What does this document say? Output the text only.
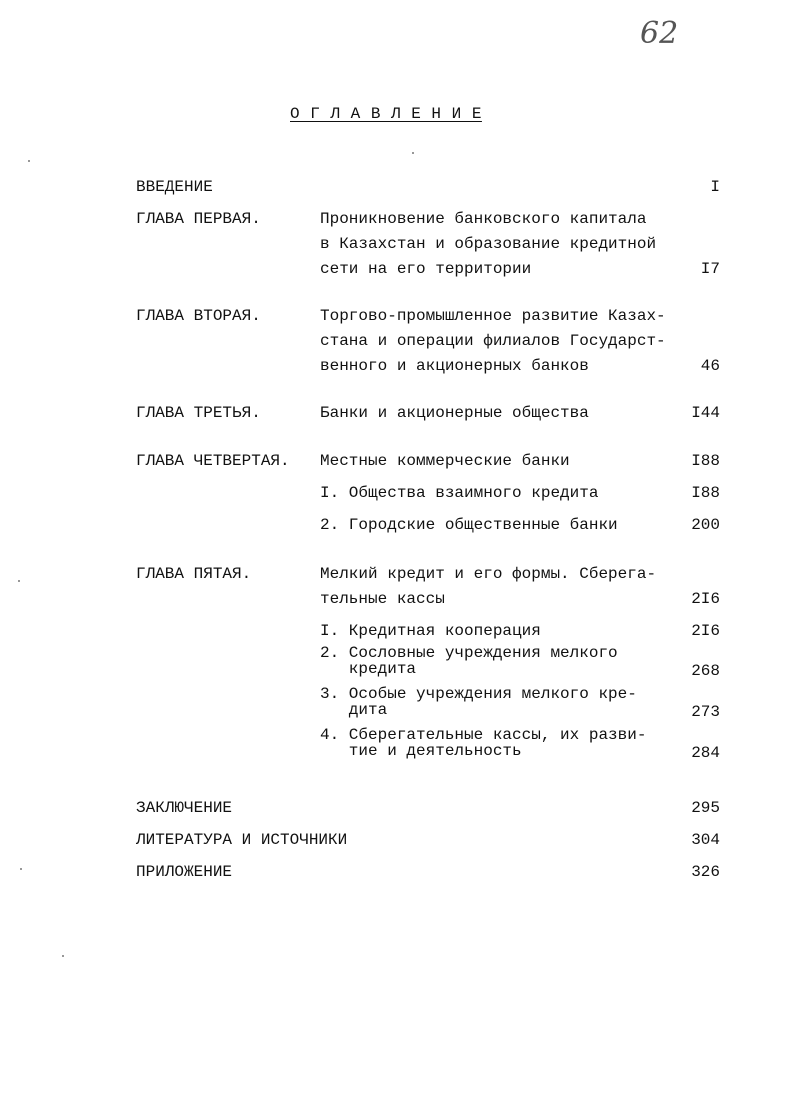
62
О Г Л А В Л Е Н И Е
ВВЕДЕНИЕ	I
ГЛАВА ПЕРВАЯ.	Проникновение банковского капитала
в Казахстан и образование кредитной
сети на его территории	I7
ГЛАВА ВТОРАЯ.	Торгово-промышленное развитие Казах-
стана и операции филиалов Государст-
венного и акционерных банков	46
ГЛАВА ТРЕТЬЯ.	Банки и акционерные общества	I44
ГЛАВА ЧЕТВЕРТАЯ. Местные коммерческие банки	I88
I. Общества взаимного кредита	I88
2. Городские общественные банки	200
ГЛАВА ПЯТАЯ.	Мелкий кредит и его формы. Сберега-
тельные кассы	2I6
I. Кредитная кооперация	2I6
2. Сословные учреждения мелкого
кредита	268
3. Особые учреждения мелкого кре-
дита	273
4. Сберегательные кассы, их разви-
тие и деятельность	284
ЗАКЛЮЧЕНИЕ	295
ЛИТЕРАТУРА И ИСТОЧНИКИ	304
ПРИЛОЖЕНИЕ	326
